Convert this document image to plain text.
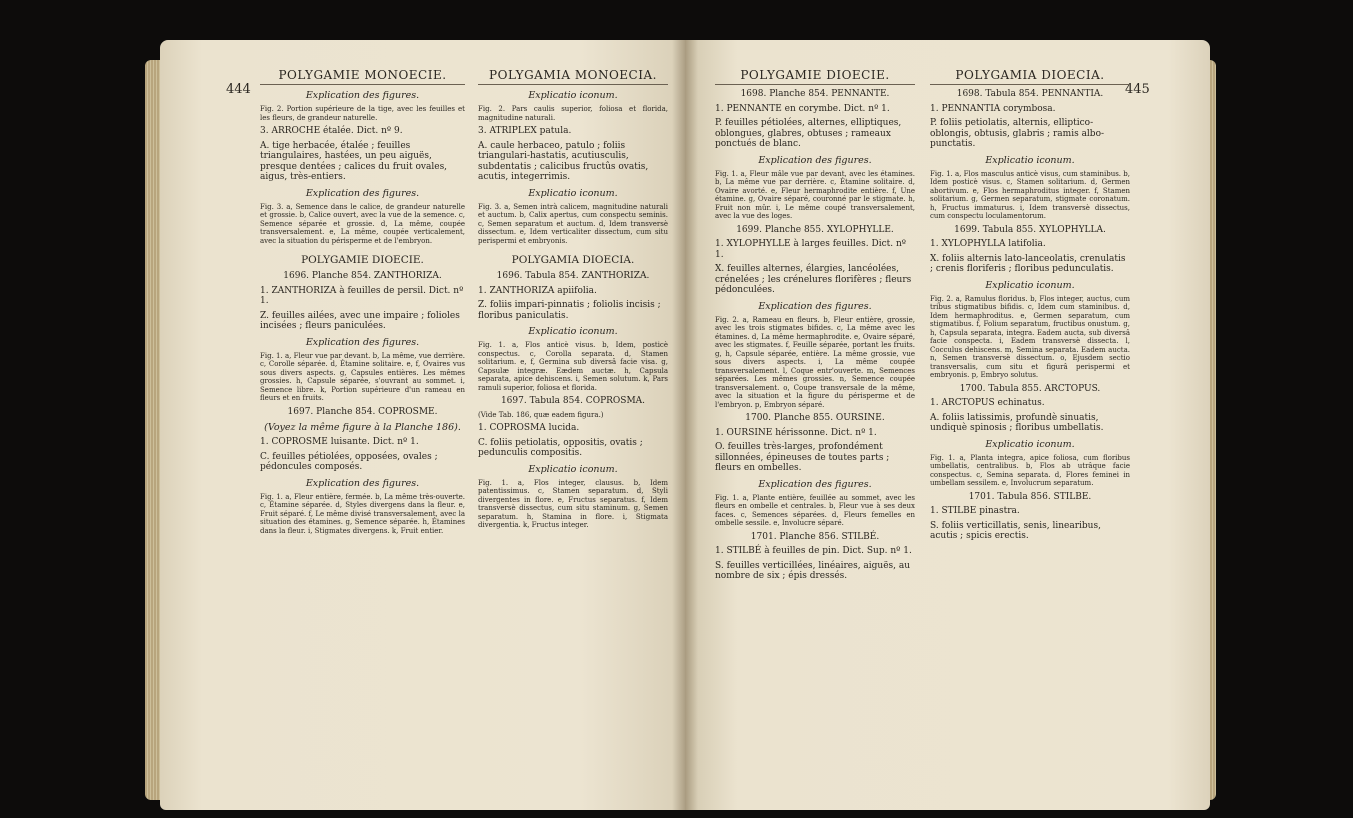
444
POLYGAMIE MONOECIE.
Explication des figures.

Fig. 2. Portion supérieure de la tige, avec les feuilles et les fleurs, de grandeur naturelle.

3. ARROCHE étalée. Dict. nº 9.

A. tige herbacée, étalée ; feuilles triangulaires, hastées, un peu aiguës, presque dentées ; calices du fruit ovales, aigus, très-entiers.

Explication des figures.

Fig. 3. a, Semence dans le calice, de grandeur naturelle et grossie. b, Calice ouvert, avec la vue de la semence. c, Semence séparée et grossie. d, La même, coupée transversalement. e, La même, coupée verticalement, avec la situation du périsperme et de l'embryon.

POLYGAMIE DIOECIE.
1696. Planche 854. ZANTHORIZA.

1. ZANTHORIZA à feuilles de persil. Dict. nº 1.

Z. feuilles ailées, avec une impaire ; folioles incisées ; fleurs paniculées.

Explication des figures.

Fig. 1. a, Fleur vue par devant. b, La même, vue derrière. c, Corolle séparée. d, Étamine solitaire. e, f, Ovaires vus sous divers aspects. g, Capsules entières. Les mêmes grossies. h, Capsule séparée, s'ouvrant au sommet. i, Semence libre. k, Portion supérieure d'un rameau en fleurs et en fruits.

1697. Planche 854. COPROSME.
(Voyez la même figure à la Planche 186).

1. COPROSME luisante. Dict. nº 1.

C. feuilles pétiolées, opposées, ovales ; pédoncules composés.

Explication des figures.

Fig. 1. a, Fleur entière, fermée. b, La même très-ouverte. c, Étamine séparée. d, Styles divergens dans la fleur. e, Fruit séparé. f, Le même divisé transversalement, avec la situation des étamines. g, Semence séparée. h, Étamines dans la fleur. i, Stigmates divergens. k, Fruit entier.

POLYGAMIA MONOECIA.
Explicatio iconum.

Fig. 2. Pars caulis superior, foliosa et florida, magnitudine naturali.

3. ATRIPLEX patula.

A. caule herbaceo, patulo ; foliis triangulari-hastatis, acutiusculis, subdentatis ; calicibus fructûs ovatis, acutis, integerrimis.

Explicatio iconum.

Fig. 3. a, Semen intrà calicem, magnitudine naturali et auctum. b, Calix apertus, cum conspectu seminis. c, Semen separatum et auctum. d, Idem transversè dissectum. e, Idem verticaliter dissectum, cum situ perispermi et embryonis.

POLYGAMIA DIOECIA.
1696. Tabula 854. ZANTHORIZA.

1. ZANTHORIZA apiifolia.

Z. foliis impari-pinnatis ; foliolis incisis ; floribus paniculatis.

Explicatio iconum.

Fig. 1. a, Flos anticè visus. b, Idem, posticè conspectus. c, Corolla separata. d, Stamen solitarium. e, f, Germina sub diversâ facie visa. g, Capsulæ integræ. Eædem auctæ. h, Capsula separata, apice dehiscens. i, Semen solutum. k, Pars ramuli superior, foliosa et florida.

1697. Tabula 854. COPROSMA.
(Vide Tab. 186, quæ eadem figura.)

1. COPROSMA lucida.

C. foliis petiolatis, oppositis, ovatis ; pedunculis compositis.

Explicatio iconum.

Fig. 1. a, Flos integer, clausus. b, Idem patentissimus. c, Stamen separatum. d, Styli divergentes in flore. e, Fructus separatus. f, Idem transversè dissectus, cum situ staminum. g, Semen separatum. h, Stamina in flore. i, Stigmata divergentia. k, Fructus integer.

445
POLYGAMIE DIOECIE.
1698. Planche 854. PENNANTE.

1. PENNANTE en corymbe. Dict. nº 1.

P. feuilles pétiolées, alternes, elliptiques, oblongues, glabres, obtuses ; rameaux ponctués de blanc.

Explication des figures.

Fig. 1. a, Fleur mâle vue par devant, avec les étamines. b, La même vue par derrière. c, Étamine solitaire. d, Ovaire avorté. e, Fleur hermaphrodite entière. f, Une étamine. g, Ovaire séparé, couronné par le stigmate. h, Fruit non mûr. i, Le même coupé transversalement, avec la vue des loges.

1699. Planche 855. XYLOPHYLLE.

1. XYLOPHYLLE à larges feuilles. Dict. nº 1.

X. feuilles alternes, élargies, lancéolées, crénelées ; les crénelures florifères ; fleurs pédonculées.

Explication des figures.

Fig. 2. a, Rameau en fleurs. b, Fleur entière, grossie, avec les trois stigmates bifides. c, La même avec les étamines. d, La même hermaphrodite. e, Ovaire séparé, avec les stigmates. f, Feuille séparée, portant les fruits. g, h, Capsule séparée, entière. La même grossie, vue sous divers aspects. i, La même coupée transversalement. l, Coque entr'ouverte. m, Semences séparées. Les mêmes grossies. n, Semence coupée transversalement. o, Coupe transversale de la même, avec la situation et la figure du périsperme et de l'embryon. p, Embryon séparé.

1700. Planche 855. OURSINE.

1. OURSINE hérissonne. Dict. nº 1.

O. feuilles très-larges, profondément sillonnées, épineuses de toutes parts ; fleurs en ombelles.

Explication des figures.

Fig. 1. a, Plante entière, feuillée au sommet, avec les fleurs en ombelle et centrales. b, Fleur vue à ses deux faces. c, Semences séparées. d, Fleurs femelles en ombelle sessile. e, Involucre séparé.

1701. Planche 856. STILBÉ.

1. STILBÉ à feuilles de pin. Dict. Sup. nº 1.

S. feuilles verticillées, linéaires, aiguës, au nombre de six ; épis dressés.

POLYGAMIA DIOECIA.
1698. Tabula 854. PENNANTIA.

1. PENNANTIA corymbosa.

P. foliis petiolatis, alternis, elliptico-oblongis, obtusis, glabris ; ramis albo-punctatis.

Explicatio iconum.

Fig. 1. a, Flos masculus anticè visus, cum staminibus. b, Idem posticè visus. c, Stamen solitarium. d, Germen abortivum. e, Flos hermaphroditus integer. f, Stamen solitarium. g, Germen separatum, stigmate coronatum. h, Fructus immaturus. i, Idem transversè dissectus, cum conspectu loculamentorum.

1699. Tabula 855. XYLOPHYLLA.

1. XYLOPHYLLA latifolia.

X. foliis alternis lato-lanceolatis, crenulatis ; crenis floriferis ; floribus pedunculatis.

Explicatio iconum.

Fig. 2. a, Ramulus floridus. b, Flos integer, auctus, cum tribus stigmatibus bifidis. c, Idem cum staminibus. d, Idem hermaphroditus. e, Germen separatum, cum stigmatibus. f, Folium separatum, fructibus onustum. g, h, Capsula separata, integra. Eadem aucta, sub diversâ facie conspecta. i, Eadem transversè dissecta. l, Cocculus dehiscens. m, Semina separata. Eadem aucta. n, Semen transversè dissectum. o, Ejusdem sectio transversalis, cum situ et figurâ perispermi et embryonis. p, Embryo solutus.

1700. Tabula 855. ARCTOPUS.

1. ARCTOPUS echinatus.

A. foliis latissimis, profundè sinuatis, undiquè spinosis ; floribus umbellatis.

Explicatio iconum.

Fig. 1. a, Planta integra, apice foliosa, cum floribus umbellatis, centralibus. b, Flos ab utrâque facie conspectus. c, Semina separata. d, Flores feminei in umbellam sessilem. e, Involucrum separatum.

1701. Tabula 856. STILBE.

1. STILBE pinastra.

S. foliis verticillatis, senis, linearibus, acutis ; spicis erectis.
